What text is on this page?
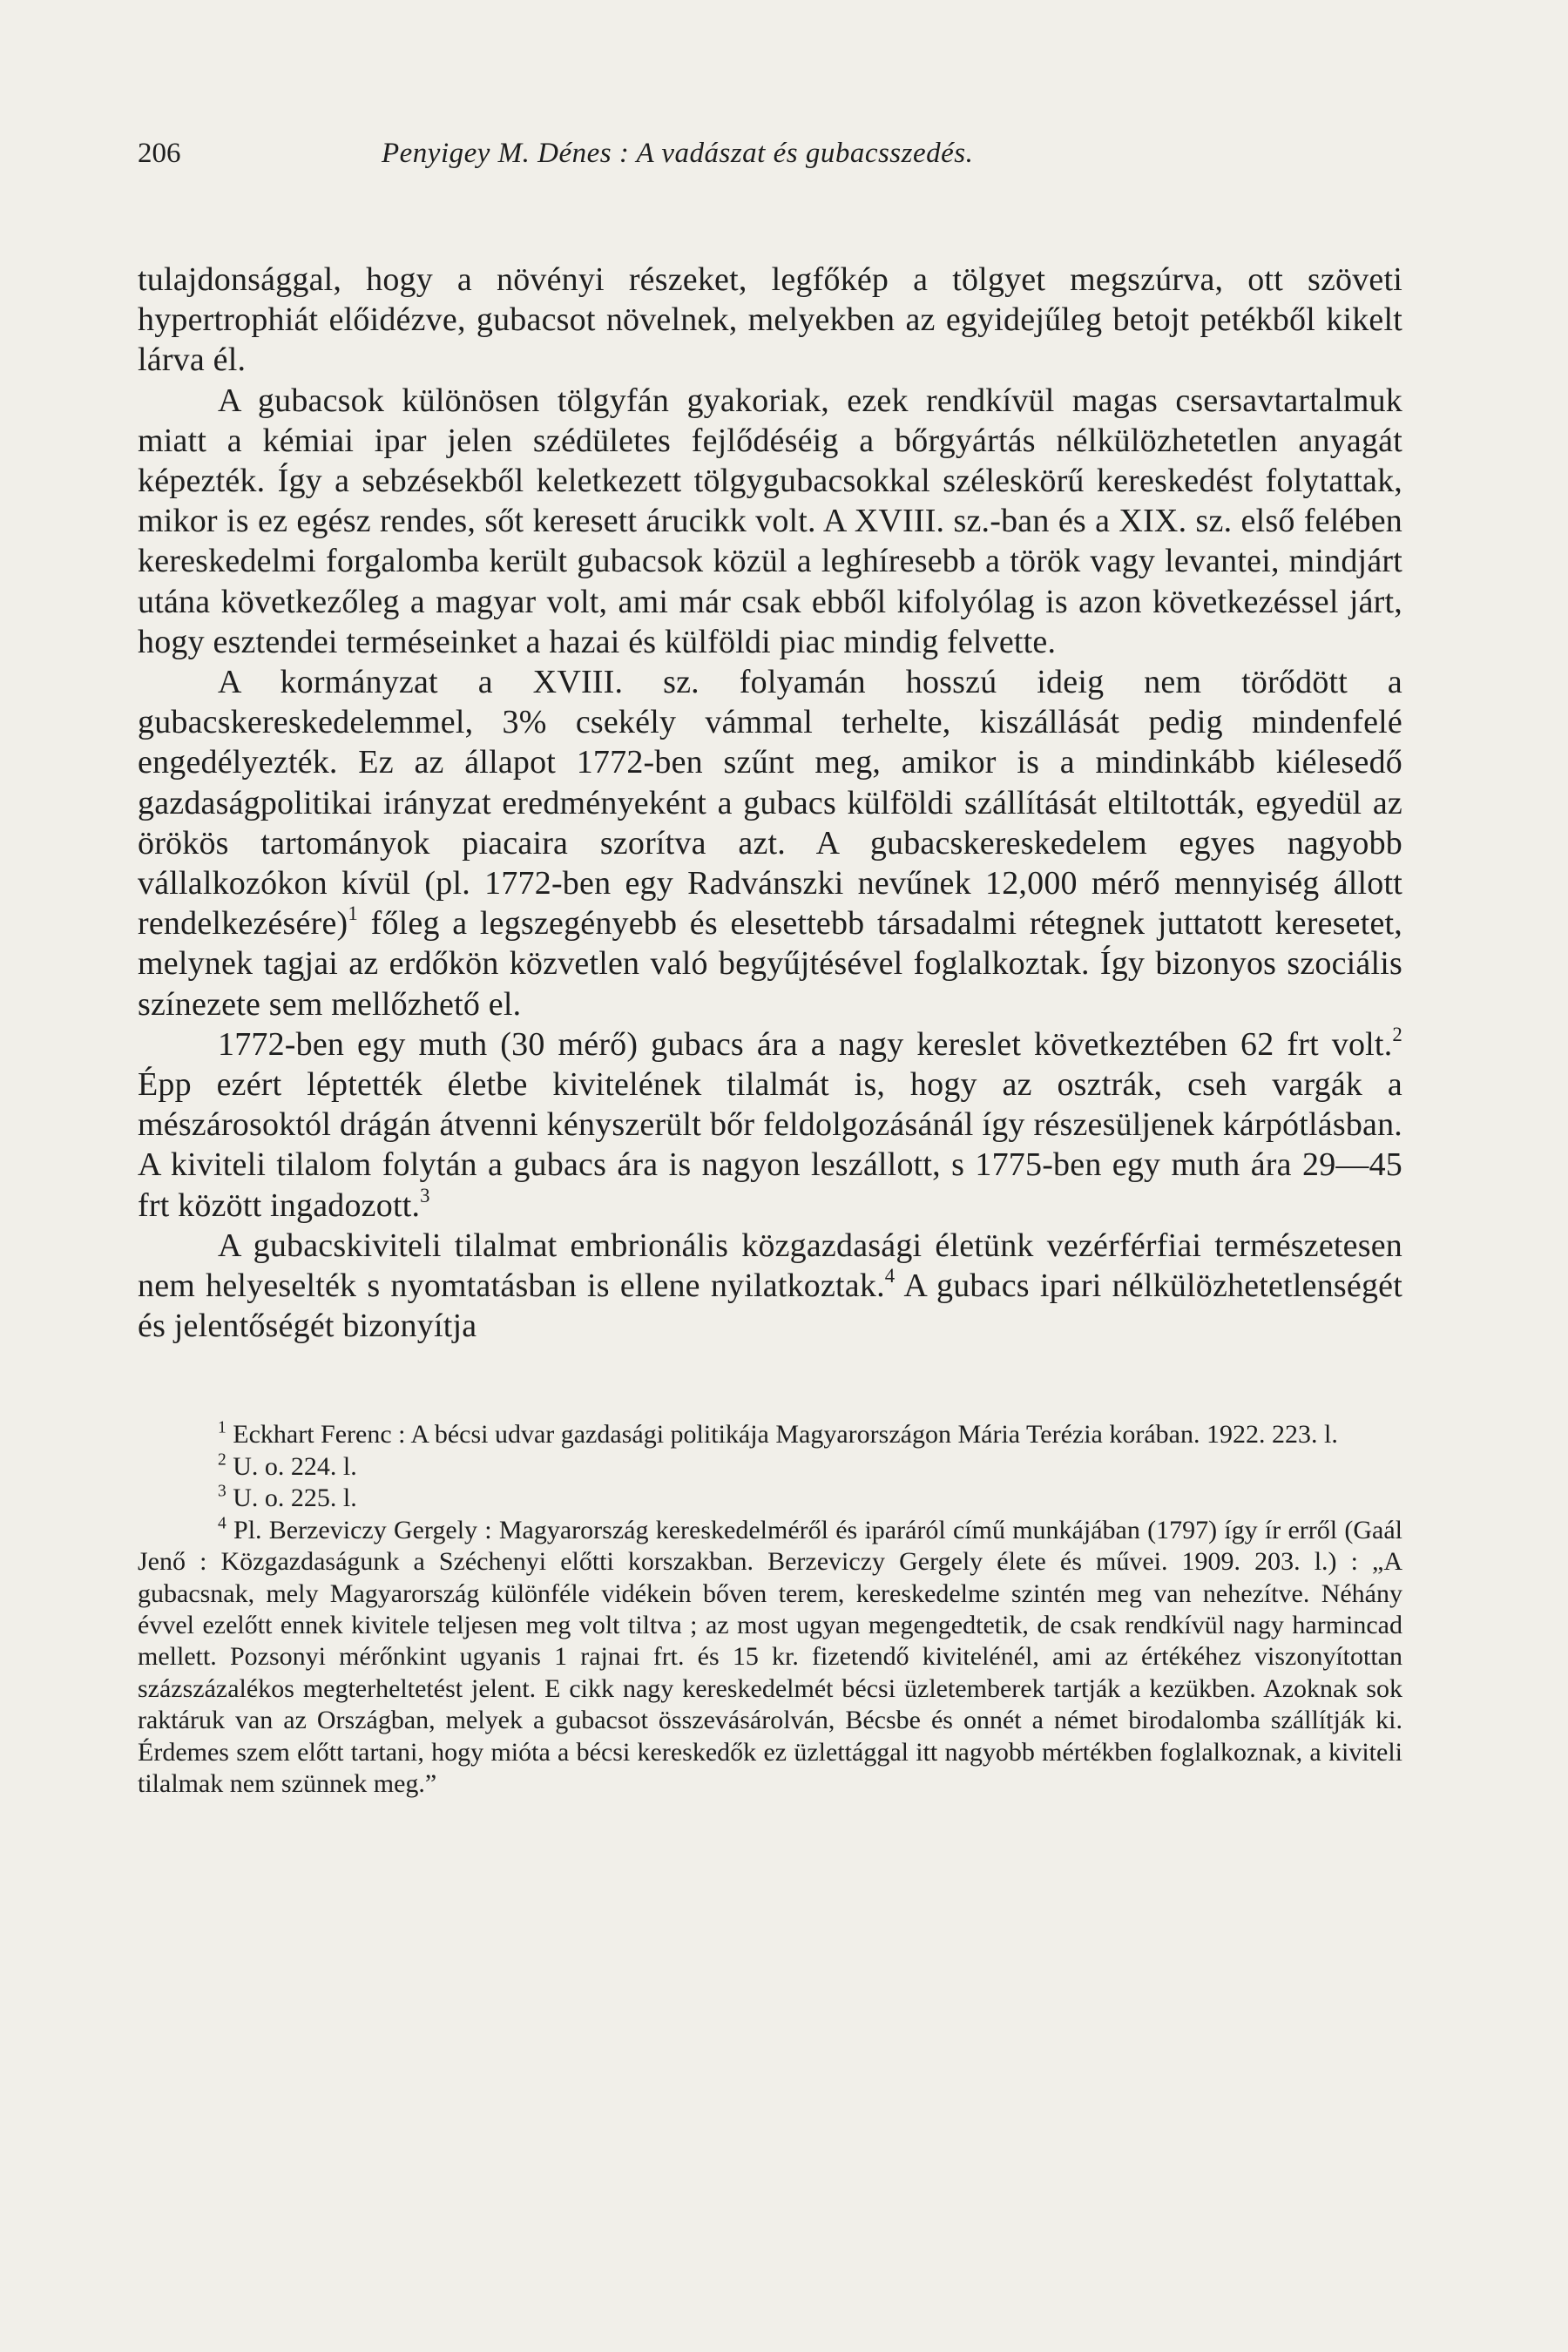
206	Penyigey M. Dénes : A vadászat és gubacsszedés.

tulajdonsággal, hogy a növényi részeket, legfőkép a tölgyet megszúrva, ott szöveti hypertrophiát előidézve, gubacsot növelnek, melyekben az egyidejűleg betojt petékből kikelt lárva él.

A gubacsok különösen tölgyfán gyakoriak, ezek rendkívül magas csersavtartalmuk miatt a kémiai ipar jelen szédületes fejlődéséig a bőrgyártás nélkülözhetetlen anyagát képezték. Így a sebzésekből keletkezett tölgygubacsokkal széleskörű kereskedést folytattak, mikor is ez egész rendes, sőt keresett árucikk volt. A XVIII. sz.-ban és a XIX. sz. első felében kereskedelmi forgalomba került gubacsok közül a leghíresebb a török vagy levantei, mindjárt utána következőleg a magyar volt, ami már csak ebből kifolyólag is azon következéssel járt, hogy esztendei terméseinket a hazai és külföldi piac mindig felvette.

A kormányzat a XVIII. sz. folyamán hosszú ideig nem törődött a gubacskereskedelemmel, 3% csekély vámmal terhelte, kiszállását pedig mindenfelé engedélyezték. Ez az állapot 1772-ben szűnt meg, amikor is a mindinkább kiélesedő gazdaságpolitikai irányzat eredményeként a gubacs külföldi szállítását eltiltották, egyedül az örökös tartományok piacaira szorítva azt. A gubacskereskedelem egyes nagyobb vállalkozókon kívül (pl. 1772-ben egy Radvánszki nevűnek 12,000 mérő mennyiség állott rendelkezésére)$^1$ főleg a legszegényebb és elesettebb társadalmi rétegnek juttatott keresetet, melynek tagjai az erdőkön közvetlen való begyűjtésével foglalkoztak. Így bizonyos szociális színezete sem mellőzhető el.

1772-ben egy muth (30 mérő) gubacs ára a nagy kereslet következtében 62 frt volt.$^2$ Épp ezért léptették életbe kivitelének tilalmát is, hogy az osztrák, cseh vargák a mészárosoktól drágán átvenni kényszerült bőr feldolgozásánál így részesüljenek kárpótlásban. A kiviteli tilalom folytán a gubacs ára is nagyon leszállott, s 1775-ben egy muth ára 29—45 frt között ingadozott.$^3$

A gubacskiviteli tilalmat embrionális közgazdasági életünk vezérférfiai természetesen nem helyeselték s nyomtatásban is ellene nyilatkoztak.$^4$ A gubacs ipari nélkülözhetetlenségét és jelentőségét bizonyítja

$^1$ Eckhart Ferenc : A bécsi udvar gazdasági politikája Magyarországon Mária Terézia korában. 1922. 223. l.

$^2$ U. o. 224. l.

$^3$ U. o. 225. l.

$^4$ Pl. Berzeviczy Gergely : Magyarország kereskedelméről és iparáról című munkájában (1797) így ír erről (Gaál Jenő : Közgazdaságunk a Széchenyi előtti korszakban. Berzeviczy Gergely élete és művei. 1909. 203. l.) : „A gubacsnak, mely Magyarország különféle vidékein bőven terem, kereskedelme szintén meg van nehezítve. Néhány évvel ezelőtt ennek kivitele teljesen meg volt tiltva ; az most ugyan megengedtetik, de csak rendkívül nagy harmincad mellett. Pozsonyi mérőnkint ugyanis 1 rajnai frt. és 15 kr. fizetendő kivitelénél, ami az értékéhez viszonyítottan százszázalékos megterheltetést jelent. E cikk nagy kereskedelmét bécsi üzletemberek tartják a kezükben. Azoknak sok raktáruk van az Országban, melyek a gubacsot összevásárolván, Bécsbe és onnét a német birodalomba szállítják ki. Érdemes szem előtt tartani, hogy mióta a bécsi kereskedők ez üzlettággal itt nagyobb mértékben foglalkoznak, a kiviteli tilalmak nem szünnek meg.”
